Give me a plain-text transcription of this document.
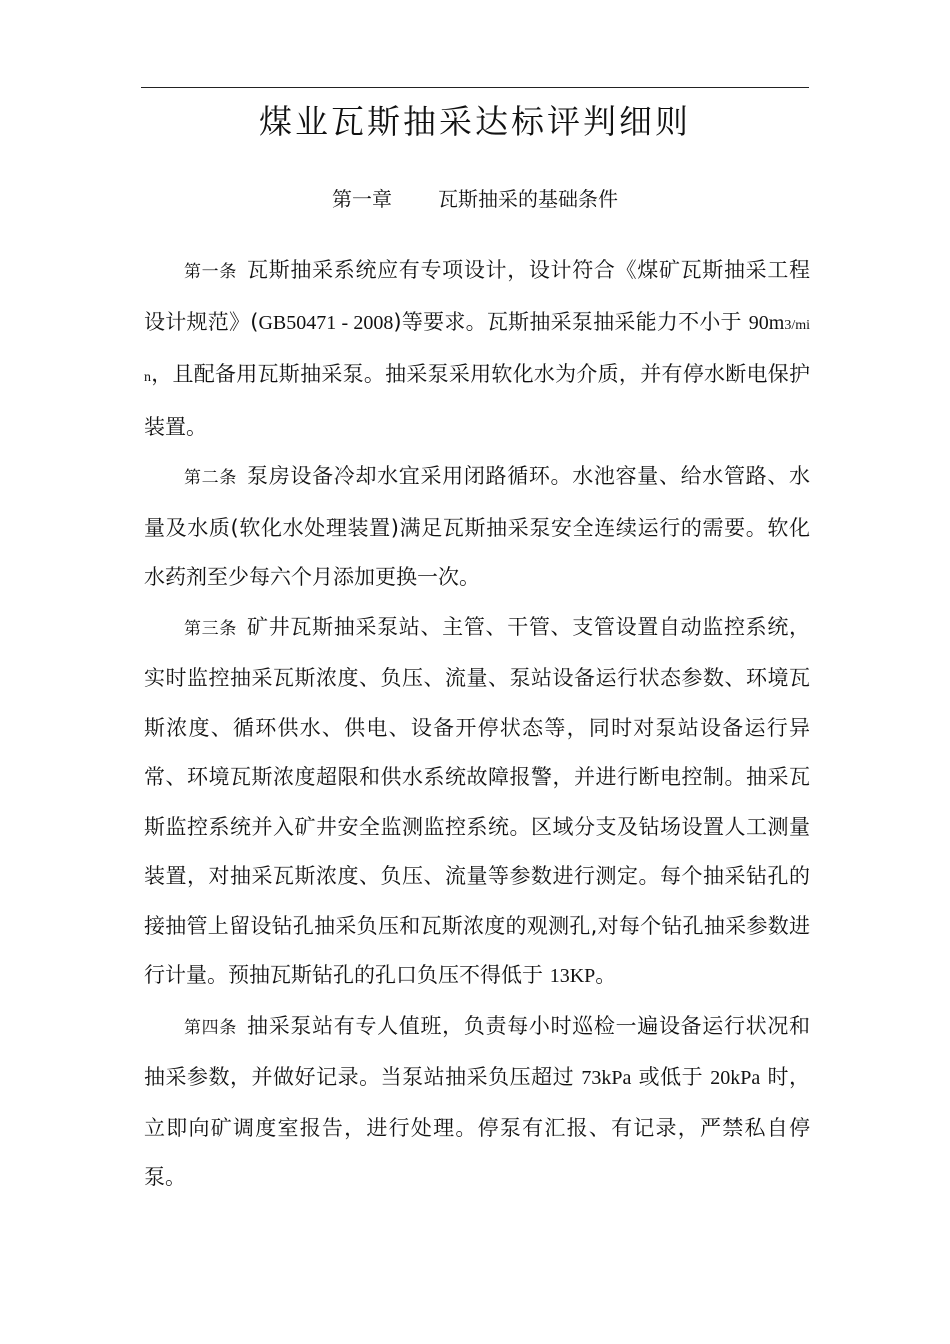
煤业瓦斯抽采达标评判细则
第一章 瓦斯抽采的基础条件

第一条 瓦斯抽采系统应有专项设计，设计符合《煤矿瓦斯抽采工程设计规范》(GB50471 - 2008)等要求。瓦斯抽采泵抽采能力不小于 90m3/min，且配备用瓦斯抽采泵。抽采泵采用软化水为介质，并有停水断电保护装置。

第二条 泵房设备冷却水宜采用闭路循环。水池容量、给水管路、水量及水质(软化水处理装置)满足瓦斯抽采泵安全连续运行的需要。软化水药剂至少每六个月添加更换一次。

第三条 矿井瓦斯抽采泵站、主管、干管、支管设置自动监控系统，实时监控抽采瓦斯浓度、负压、流量、泵站设备运行状态参数、环境瓦斯浓度、循环供水、供电、设备开停状态等，同时对泵站设备运行异常、环境瓦斯浓度超限和供水系统故障报警，并进行断电控制。抽采瓦斯监控系统并入矿井安全监测监控系统。区域分支及钻场设置人工测量装置，对抽采瓦斯浓度、负压、流量等参数进行测定。每个抽采钻孔的接抽管上留设钻孔抽采负压和瓦斯浓度的观测孔,对每个钻孔抽采参数进行计量。预抽瓦斯钻孔的孔口负压不得低于 13KP。

第四条 抽采泵站有专人值班，负责每小时巡检一遍设备运行状况和抽采参数，并做好记录。当泵站抽采负压超过 73kPa 或低于 20kPa 时，立即向矿调度室报告，进行处理。停泵有汇报、有记录，严禁私自停泵。
